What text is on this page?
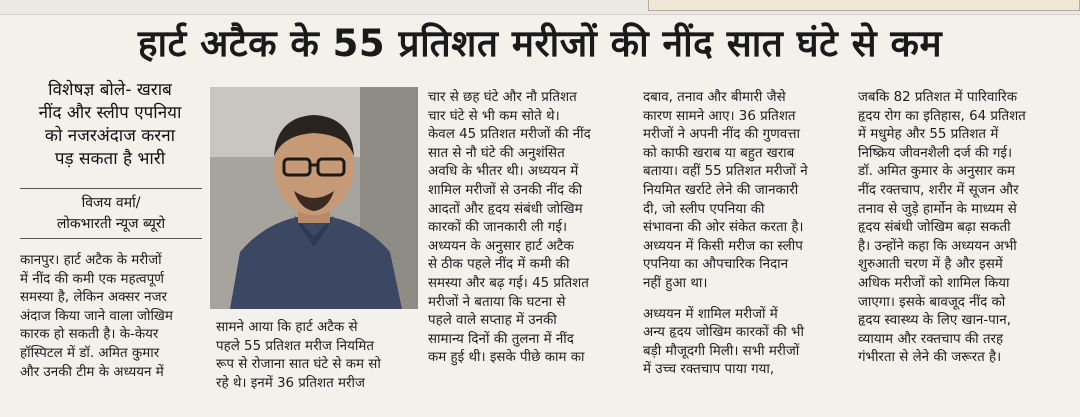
हार्ट अटैक के 55 प्रतिशत मरीजों की नींद सात घंटे से कम
विशेषज्ञ बोले- खराब
नींद और स्लीप एपनिया
को नजरअंदाज करना
पड़ सकता है भारी
विजय वर्मा/
लोकभारती न्यूज ब्यूरो
कानपुर। हार्ट अटैक के मरीजों
में नींद की कमी एक महत्वपूर्ण
समस्या है, लेकिन अक्सर नजर
अंदाज किया जाने वाला जोखिम
कारक हो सकती है। के-केयर
हॉस्पिटल में डॉ. अमित कुमार
और उनकी टीम के अध्ययन में
सामने आया कि हार्ट अटैक से
पहले 55 प्रतिशत मरीज नियमित
रूप से रोजाना सात घंटे से कम सो
रहे थे। इनमें 36 प्रतिशत मरीज
चार से छह घंटे और नौ प्रतिशत
चार घंटे से भी कम सोते थे।
केवल 45 प्रतिशत मरीजों की नींद
सात से नौ घंटे की अनुशंसित
अवधि के भीतर थी। अध्ययन में
शामिल मरीजों से उनकी नींद की
आदतों और हृदय संबंधी जोखिम
कारकों की जानकारी ली गई।
अध्ययन के अनुसार हार्ट अटैक
से ठीक पहले नींद में कमी की
समस्या और बढ़ गई। 45 प्रतिशत
मरीजों ने बताया कि घटना से
पहले वाले सप्ताह में उनकी
सामान्य दिनों की तुलना में नींद
कम हुई थी। इसके पीछे काम का
दबाव, तनाव और बीमारी जैसे
कारण सामने आए। 36 प्रतिशत
मरीजों ने अपनी नींद की गुणवत्ता
को काफी खराब या बहुत खराब
बताया। वहीं 55 प्रतिशत मरीजों ने
नियमित खर्राटे लेने की जानकारी
दी, जो स्लीप एपनिया की
संभावना की ओर संकेत करता है।
अध्ययन में किसी मरीज का स्लीप
एपनिया का औपचारिक निदान
नहीं हुआ था।
अध्ययन में शामिल मरीजों में
अन्य हृदय जोखिम कारकों की भी
बड़ी मौजूदगी मिली। सभी मरीजों
में उच्च रक्तचाप पाया गया,
जबकि 82 प्रतिशत में पारिवारिक
हृदय रोग का इतिहास, 64 प्रतिशत
में मधुमेह और 55 प्रतिशत में
निष्क्रिय जीवनशैली दर्ज की गई।
डॉ. अमित कुमार के अनुसार कम
नींद रक्तचाप, शरीर में सूजन और
तनाव से जुड़े हार्मोन के माध्यम से
हृदय संबंधी जोखिम बढ़ा सकती
है। उन्होंने कहा कि अध्ययन अभी
शुरुआती चरण में है और इसमें
अधिक मरीजों को शामिल किया
जाएगा। इसके बावजूद नींद को
हृदय स्वास्थ्य के लिए खान-पान,
व्यायाम और रक्तचाप की तरह
गंभीरता से लेने की जरूरत है।
